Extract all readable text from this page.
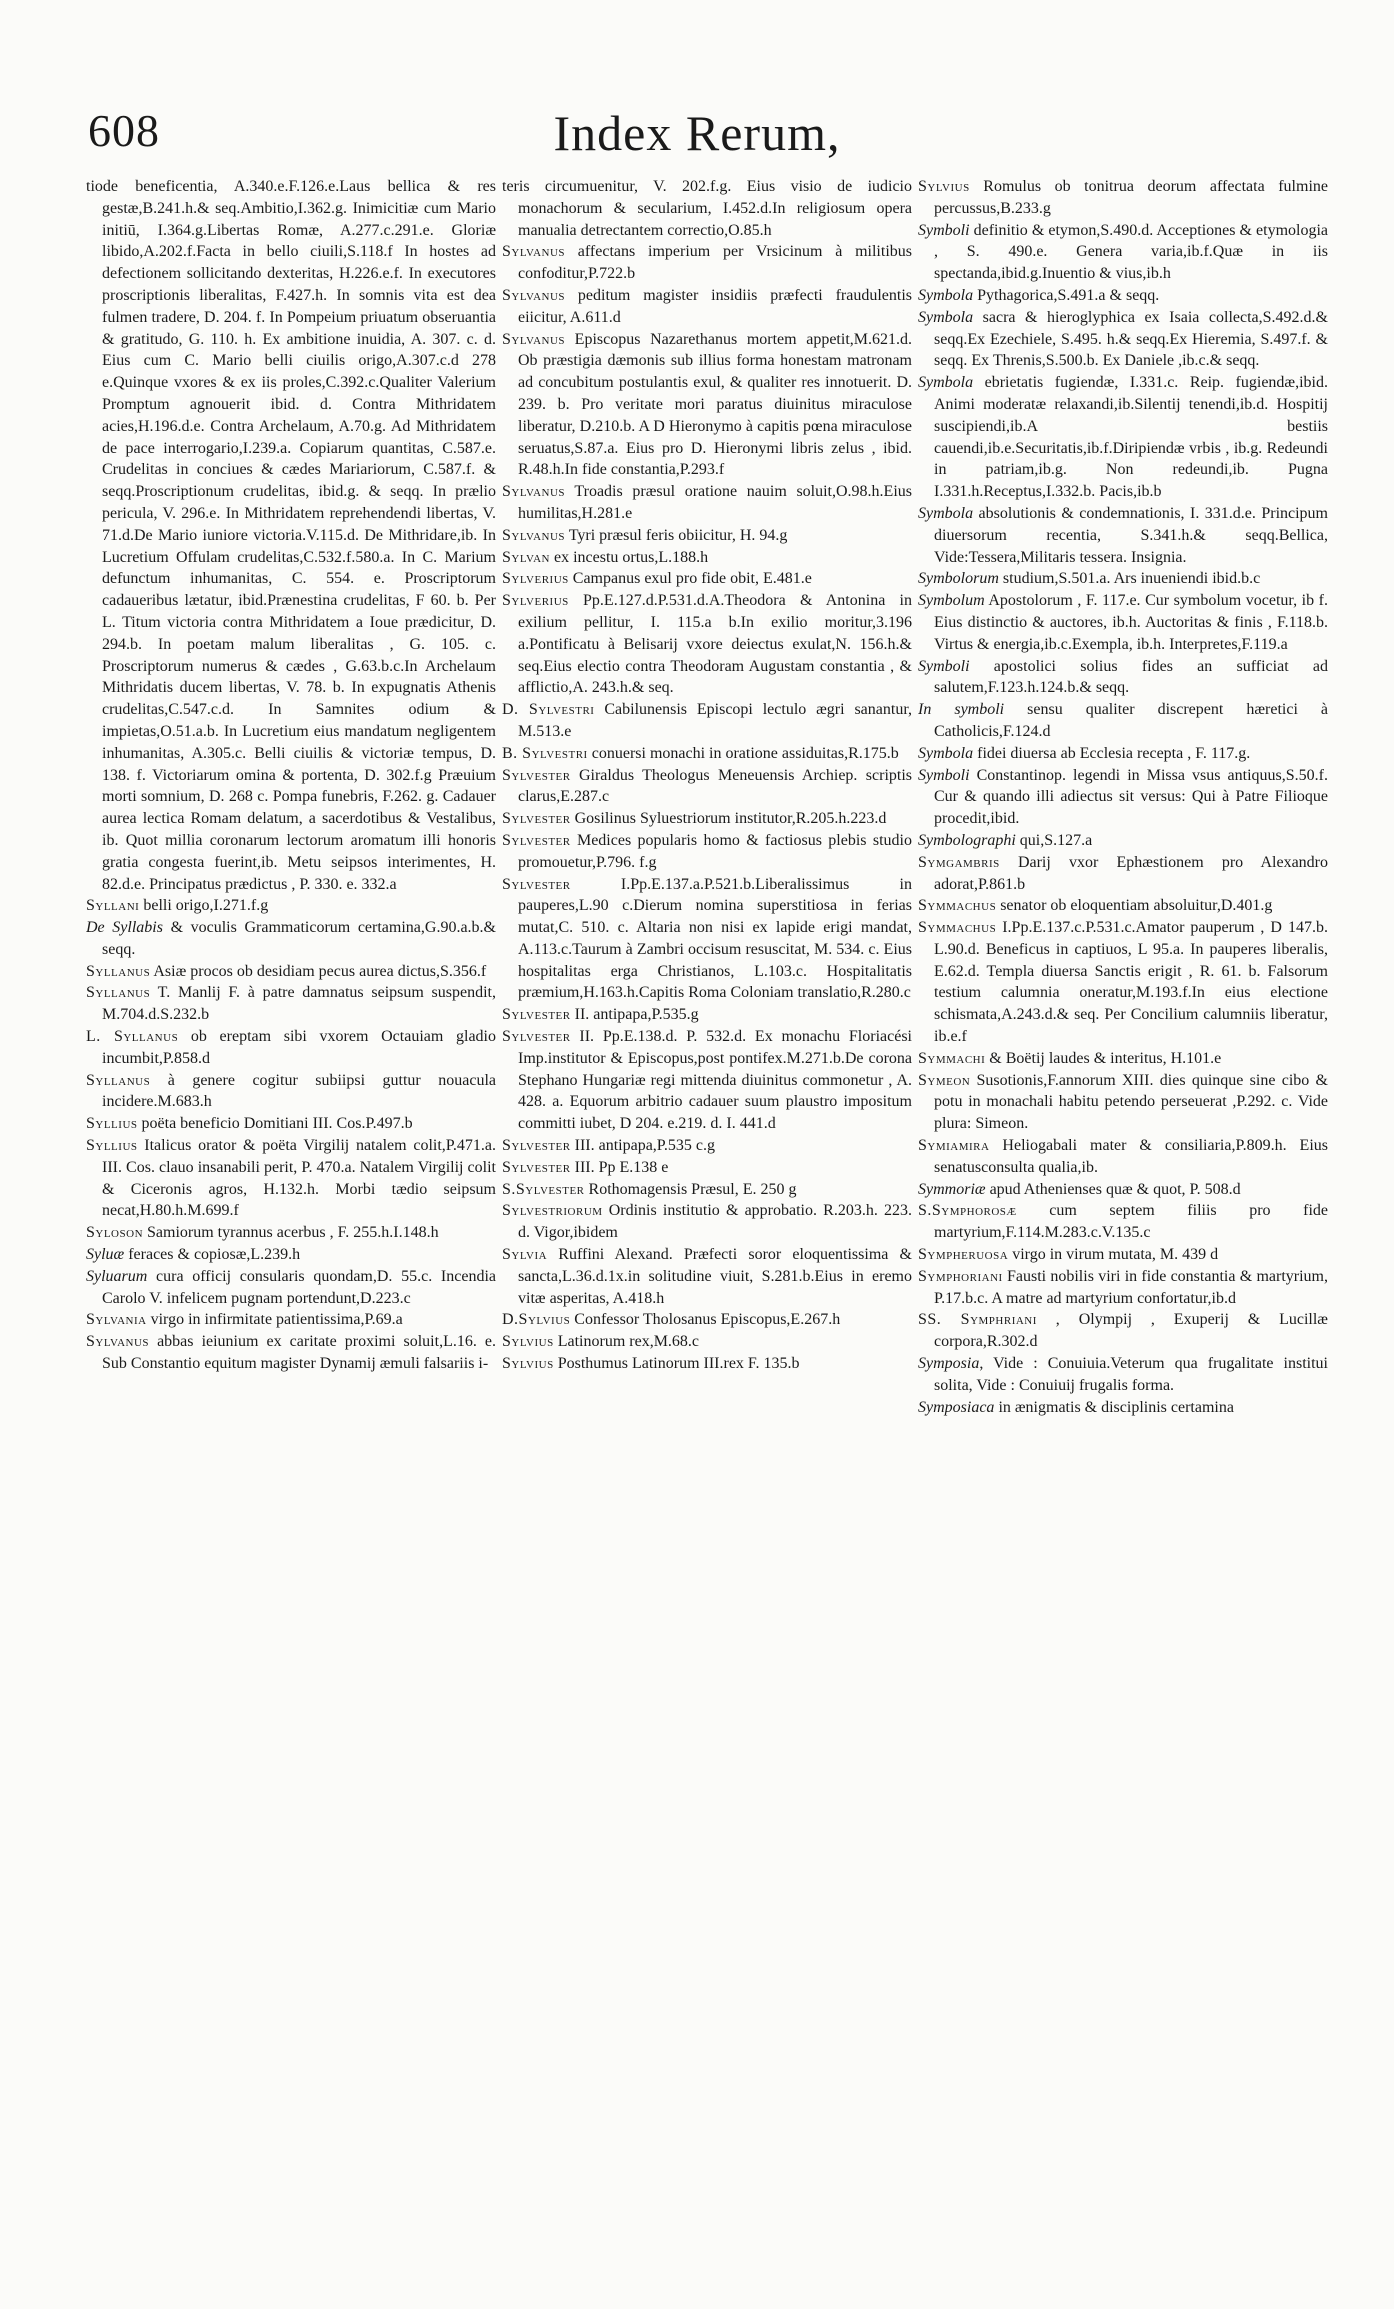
608	Index Rerum,

tiode beneficentia, A.340.e.F.126.e.Laus bellica & res gestæ,B.241.h.& seq.Ambitio,I.362.g. Inimicitiæ cum Mario initiū, I.364.g.Libertas Romæ, A.277.c.291.e. Gloriæ libido,A.202.f.Facta in bello ciuili,S.118.f In hostes ad defectionem sollicitando dexteritas, H.226.e.f. In executores proscriptionis liberalitas, F.427.h. In somnis vita est dea fulmen tradere, D. 204. f. In Pompeium priuatum obseruantia & gratitudo, G. 110. h. Ex ambitione inuidia, A. 307. c. d. Eius cum C. Mario belli ciuilis origo,A.307.c.d 278 e.Quinque vxores & ex iis proles,C.392.c.Qualiter Valerium Promptum agnouerit ibid. d. Contra Mithridatem acies,H.196.d.e. Contra Archelaum, A.70.g. Ad Mithridatem de pace interrogario,I.239.a. Copiarum quantitas, C.587.e. Crudelitas in conciues & cædes Mariariorum, C.587.f. & seqq.Proscriptionum crudelitas, ibid.g. & seqq. In prælio pericula, V. 296.e. In Mithridatem reprehendendi libertas, V. 71.d.De Mario iuniore victoria.V.115.d. De Mithridare,ib. In Lucretium Offulam crudelitas,C.532.f.580.a. In C. Marium defunctum inhumanitas, C. 554. e. Proscriptorum cadaueribus lætatur, ibid.Prænestina crudelitas, F 60. b. Per L. Titum victoria contra Mithridatem a Ioue prædicitur, D. 294.b. In poetam malum liberalitas , G. 105. c. Proscriptorum numerus & cædes , G.63.b.c.In Archelaum Mithridatis ducem libertas, V. 78. b. In expugnatis Athenis crudelitas,C.547.c.d. In Samnites odium & impietas,O.51.a.b. In Lucretium eius mandatum negligentem inhumanitas, A.305.c. Belli ciuilis & victoriæ tempus, D. 138. f. Victoriarum omina & portenta, D. 302.f.g Præuium morti somnium, D. 268 c. Pompa funebris, F.262. g. Cadauer aurea lectica Romam delatum, a sacerdotibus & Vestalibus, ib. Quot millia coronarum lectorum aromatum illi honoris gratia congesta fuerint,ib. Metu seipsos interimentes, H. 82.d.e. Principatus prædictus , P. 330. e. 332.a

Syllani belli origo,I.271.f.g

De Syllabis & voculis Grammaticorum certamina,G.90.a.b.& seqq.

Syllanus Asiæ procos ob desidiam pecus aurea dictus,S.356.f

Syllanus T. Manlij F. à patre damnatus seipsum suspendit, M.704.d.S.232.b

L. Syllanus ob ereptam sibi vxorem Octauiam gladio incumbit,P.858.d

Syllanus à genere cogitur subiipsi guttur nouacula incidere.M.683.h

Syllius poëta beneficio Domitiani III. Cos.P.497.b

Syllius Italicus orator & poëta Virgilij natalem colit,P.471.a. III. Cos. clauo insanabili perit, P. 470.a. Natalem Virgilij colit & Ciceronis agros, H.132.h. Morbi tædio seipsum necat,H.80.h.M.699.f

Syloson Samiorum tyrannus acerbus , F. 255.h.I.148.h

Syluæ feraces & copiosæ,L.239.h

Syluarum cura officij consularis quondam,D. 55.c. Incendia Carolo V. infelicem pugnam portendunt,D.223.c

Sylvania virgo in infirmitate patientissima,P.69.a

Sylvanus abbas ieiunium ex caritate proximi soluit,L.16. e. Sub Constantio equitum magister Dynamij æmuli falsariis i-

teris circumuenitur, V. 202.f.g. Eius visio de iudicio monachorum & secularium, I.452.d.In religiosum opera manualia detrectantem correctio,O.85.h

Sylvanus affectans imperium per Vrsicinum à militibus confoditur,P.722.b

Sylvanus peditum magister insidiis præfecti fraudulentis eiicitur, A.611.d

Sylvanus Episcopus Nazarethanus mortem appetit,M.621.d. Ob præstigia dæmonis sub illius forma honestam matronam ad concubitum postulantis exul, & qualiter res innotuerit. D. 239. b. Pro veritate mori paratus diuinitus miraculose liberatur, D.210.b. A D Hieronymo à capitis pœna miraculose seruatus,S.87.a. Eius pro D. Hieronymi libris zelus , ibid. R.48.h.In fide constantia,P.293.f

Sylvanus Troadis præsul oratione nauim soluit,O.98.h.Eius humilitas,H.281.e

Sylvanus Tyri præsul feris obiicitur, H. 94.g

Sylvan ex incestu ortus,L.188.h

Sylverius Campanus exul pro fide obit, E.481.e

Sylverius Pp.E.127.d.P.531.d.A.Theodora & Antonina in exilium pellitur, I. 115.a b.In exilio moritur,3.196 a.Pontificatu à Belisarij vxore deiectus exulat,N. 156.h.& seq.Eius electio contra Theodoram Augustam constantia , & afflictio,A. 243.h.& seq.

D. Sylvestri Cabilunensis Episcopi lectulo ægri sanantur, M.513.e

B. Sylvestri conuersi monachi in oratione assiduitas,R.175.b

Sylvester Giraldus Theologus Meneuensis Archiep. scriptis clarus,E.287.c

Sylvester Gosilinus Syluestriorum institutor,R.205.h.223.d

Sylvester Medices popularis homo & factiosus plebis studio promouetur,P.796. f.g

Sylvester I.Pp.E.137.a.P.521.b.Liberalissimus in pauperes,L.90 c.Dierum nomina superstitiosa in ferias mutat,C. 510. c. Altaria non nisi ex lapide erigi mandat, A.113.c.Taurum à Zambri occisum resuscitat, M. 534. c. Eius hospitalitas erga Christianos, L.103.c. Hospitalitatis præmium,H.163.h.Capitis Roma Coloniam translatio,R.280.c

Sylvester II. antipapa,P.535.g

Sylvester II. Pp.E.138.d. P. 532.d. Ex monachu Floriacési Imp.institutor & Episcopus,post pontifex.M.271.b.De corona Stephano Hungariæ regi mittenda diuinitus commonetur , A. 428. a. Equorum arbitrio cadauer suum plaustro impositum committi iubet, D 204. e.219. d. I. 441.d

Sylvester III. antipapa,P.535 c.g

Sylvester III. Pp E.138 e

S.Sylvester Rothomagensis Præsul, E. 250 g

Sylvestriorum Ordinis institutio & approbatio. R.203.h. 223. d. Vigor,ibidem

Sylvia Ruffini Alexand. Præfecti soror eloquentissima & sancta,L.36.d.1x.in solitudine viuit, S.281.b.Eius in eremo vitæ asperitas, A.418.h

D.Sylvius Confessor Tholosanus Episcopus,E.267.h

Sylvius Latinorum rex,M.68.c

Sylvius Posthumus Latinorum III.rex F. 135.b

Sylvius Romulus ob tonitrua deorum affectata fulmine percussus,B.233.g

Symboli definitio & etymon,S.490.d. Acceptiones & etymologia , S. 490.e. Genera varia,ib.f.Quæ in iis spectanda,ibid.g.Inuentio & vius,ib.h

Symbola Pythagorica,S.491.a & seqq.

Symbola sacra & hieroglyphica ex Isaia collecta,S.492.d.& seqq.Ex Ezechiele, S.495. h.& seqq.Ex Hieremia, S.497.f. & seqq. Ex Threnis,S.500.b. Ex Daniele ,ib.c.& seqq.

Symbola ebrietatis fugiendæ, I.331.c. Reip. fugiendæ,ibid. Animi moderatæ relaxandi,ib.Silentij tenendi,ib.d. Hospitij suscipiendi,ib.A bestiis cauendi,ib.e.Securitatis,ib.f.Diripiendæ vrbis , ib.g. Redeundi in patriam,ib.g. Non redeundi,ib. Pugna I.331.h.Receptus,I.332.b. Pacis,ib.b

Symbola absolutionis & condemnationis, I. 331.d.e. Principum diuersorum recentia, S.341.h.& seqq.Bellica, Vide:Tessera,Militaris tessera. Insignia.

Symbolorum studium,S.501.a. Ars inueniendi ibid.b.c

Symbolum Apostolorum , F. 117.e. Cur symbolum vocetur, ib f. Eius distinctio & auctores, ib.h. Auctoritas & finis , F.118.b. Virtus & energia,ib.c.Exempla, ib.h. Interpretes,F.119.a

Symboli apostolici solius fides an sufficiat ad salutem,F.123.h.124.b.& seqq.

In symboli sensu qualiter discrepent hæretici à Catholicis,F.124.d

Symbola fidei diuersa ab Ecclesia recepta , F. 117.g.

Symboli Constantinop. legendi in Missa vsus antiquus,S.50.f. Cur & quando illi adiectus sit versus: Qui à Patre Filioque procedit,ibid.

Symbolographi qui,S.127.a

Symgambris Darij vxor Ephæstionem pro Alexandro adorat,P.861.b

Symmachus senator ob eloquentiam absoluitur,D.401.g

Symmachus I.Pp.E.137.c.P.531.c.Amator pauperum , D 147.b. L.90.d. Beneficus in captiuos, L 95.a. In pauperes liberalis, E.62.d. Templa diuersa Sanctis erigit , R. 61. b. Falsorum testium calumnia oneratur,M.193.f.In eius electione schismata,A.243.d.& seq. Per Concilium calumniis liberatur, ib.e.f

Symmachi & Boëtij laudes & interitus, H.101.e

Symeon Susotionis,F.annorum XIII. dies quinque sine cibo & potu in monachali habitu petendo perseuerat ,P.292. c. Vide plura: Simeon.

Symiamira Heliogabali mater & consiliaria,P.809.h. Eius senatusconsulta qualia,ib.

Symmoriæ apud Athenienses quæ & quot, P. 508.d

S.Symphorosæ cum septem filiis pro fide martyrium,F.114.M.283.c.V.135.c

Sympheruosa virgo in virum mutata, M. 439 d

Symphoriani Fausti nobilis viri in fide constantia & martyrium, P.17.b.c. A matre ad martyrium confortatur,ib.d

SS. Symphriani , Olympij , Exuperij & Lucillæ corpora,R.302.d

Symposia, Vide : Conuiuia.Veterum qua frugalitate institui solita, Vide : Conuiuij frugalis forma.

Symposiaca in ænigmatis & disciplinis certamina
